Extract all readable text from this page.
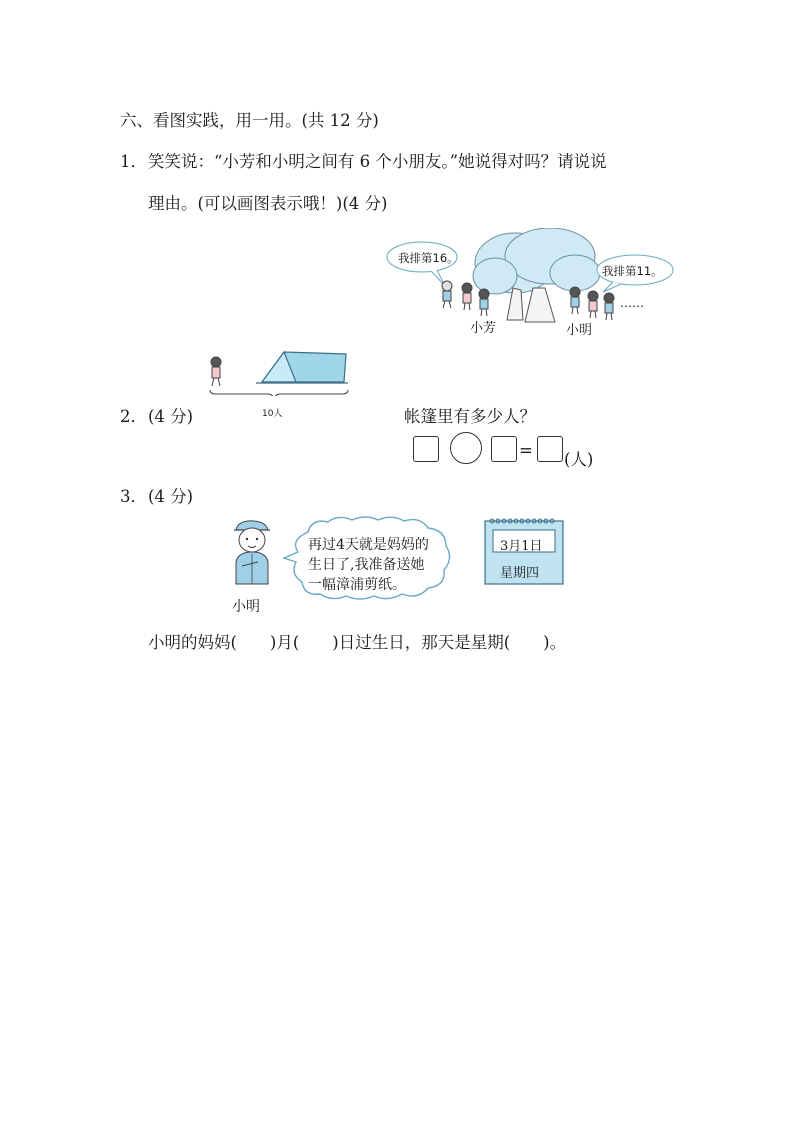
六、看图实践，用一用。(共 12 分)
1． 笑笑说：“小芳和小明之间有 6 个小朋友。”她说得对吗？请说说
理由。(可以画图表示哦！)(4 分)
我排第16。
我排第11。
小芳	小明
……
10人
2． (4 分)	帐篷里有多少人？
= (人)
3． (4 分)
小明
再过4天就是妈妈的
生日了,我准备送她
一幅漳浦剪纸。
3月1日
星期四
小明的妈妈(　　)月(　　)日过生日，那天是星期(　　)。
